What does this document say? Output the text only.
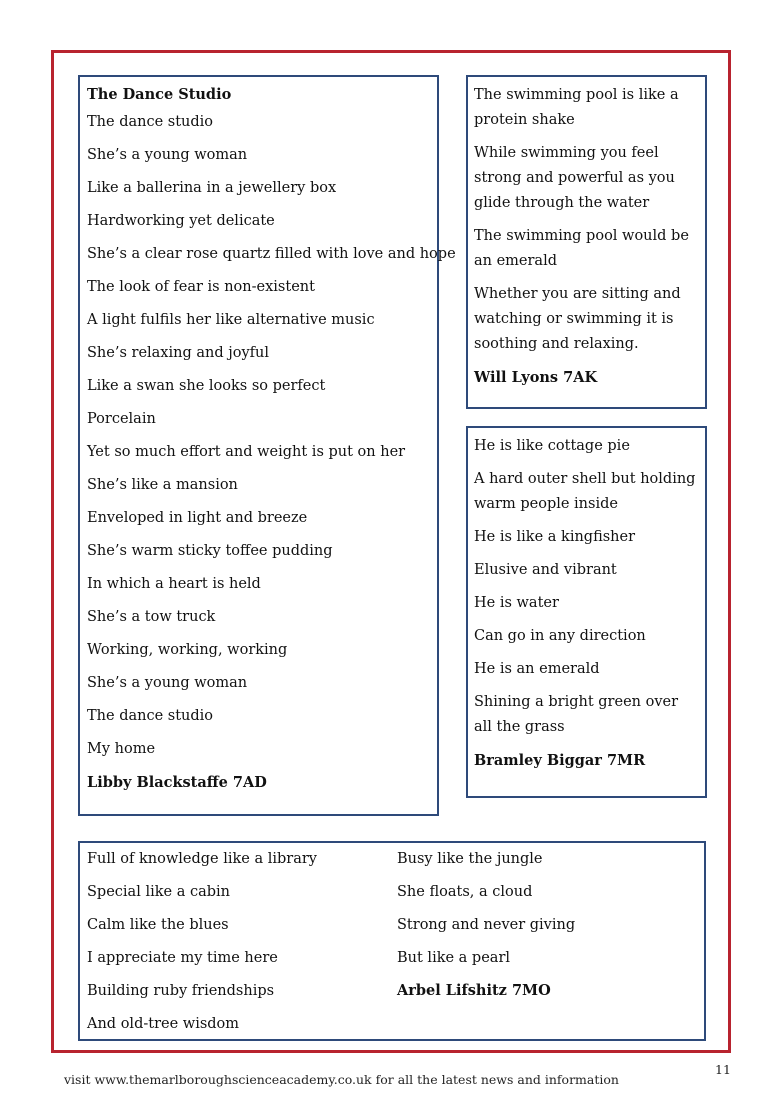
The Dance Studio

The dance studio

She’s a young woman

Like a ballerina in a jewellery box

Hardworking yet delicate

She’s a clear rose quartz filled with love and hope

The look of fear is non-existent

A light fulfils her like alternative music

She’s relaxing and joyful

Like a swan she looks so perfect

Porcelain

Yet so much effort and weight is put on her

She’s like a mansion

Enveloped in light and breeze

She’s warm sticky toffee pudding

In which a heart is held

She’s a tow truck

Working, working, working

She’s a young woman

The dance studio

My home

Libby Blackstaffe 7AD

The swimming pool is like a protein shake

While swimming you feel strong and powerful as you glide through the water

The swimming pool would be an emerald

Whether you are sitting and watching or swimming it is soothing and relaxing.

Will Lyons 7AK

He is like cottage pie

A hard outer shell but holding warm people inside

He is like a kingfisher

Elusive and vibrant

He is water

Can go in any direction

He is an emerald

Shining a bright green over all the grass

Bramley Biggar 7MR

Full of knowledge like a library

Special like a cabin

Calm like the blues

I appreciate my time here

Building ruby friendships

And old-tree wisdom

Busy like the jungle

She floats, a cloud

Strong and never giving

But like a pearl

Arbel Lifshitz 7MO

11
visit www.themarlboroughscienceacademy.co.uk for all the latest news and information
